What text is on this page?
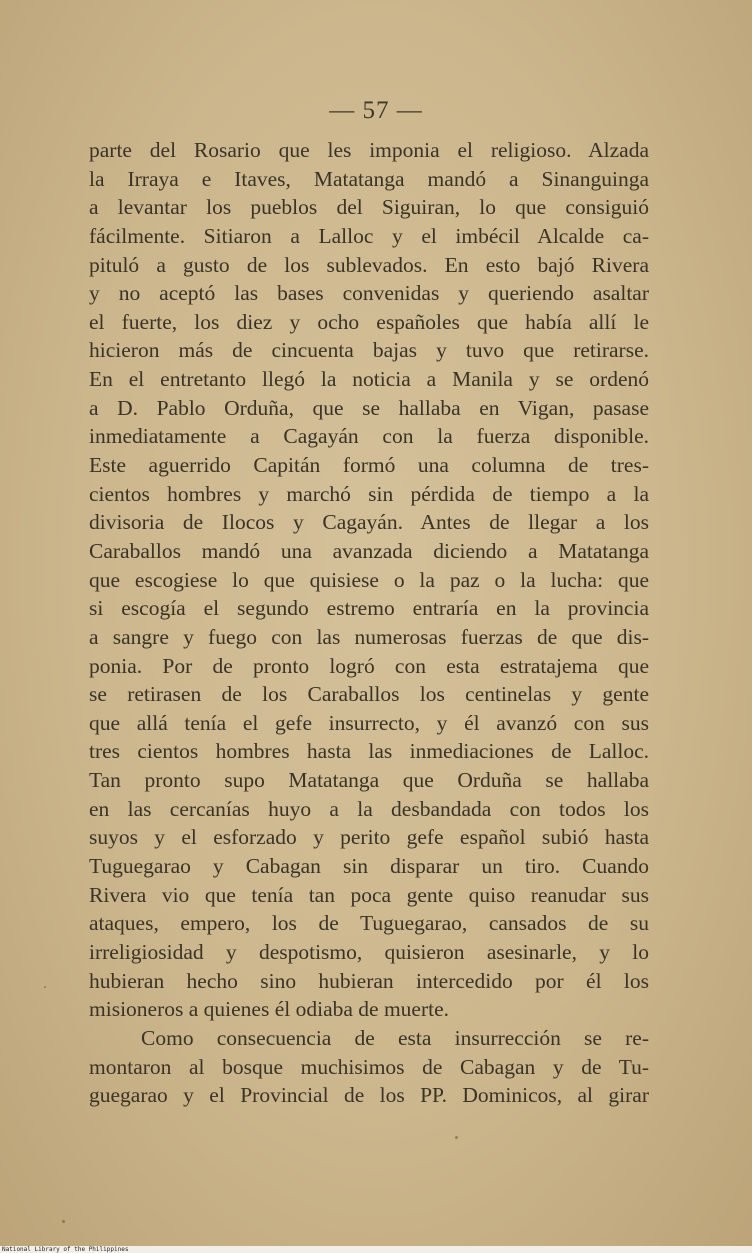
— 57 —
parte del Rosario que les imponia el religioso. Alzada
la Irraya e Itaves, Matatanga mandó a Sinanguinga
a levantar los pueblos del Siguiran, lo que consiguió
fácilmente. Sitiaron a Lalloc y el imbécil Alcalde ca-
pituló a gusto de los sublevados. En esto bajó Rivera
y no aceptó las bases convenidas y queriendo asaltar
el fuerte, los diez y ocho españoles que había allí le
hicieron más de cincuenta bajas y tuvo que retirarse.
En el entretanto llegó la noticia a Manila y se ordenó
a D. Pablo Orduña, que se hallaba en Vigan, pasase
inmediatamente a Cagayán con la fuerza disponible.
Este aguerrido Capitán formó una columna de tres-
cientos hombres y marchó sin pérdida de tiempo a la
divisoria de Ilocos y Cagayán. Antes de llegar a los
Caraballos mandó una avanzada diciendo a Matatanga
que escogiese lo que quisiese o la paz o la lucha: que
si escogía el segundo estremo entraría en la provincia
a sangre y fuego con las numerosas fuerzas de que dis-
ponia. Por de pronto logró con esta estratajema que
se retirasen de los Caraballos los centinelas y gente
que allá tenía el gefe insurrecto, y él avanzó con sus
tres cientos hombres hasta las inmediaciones de Lalloc.
Tan pronto supo Matatanga que Orduña se hallaba
en las cercanías huyo a la desbandada con todos los
suyos y el esforzado y perito gefe español subió hasta
Tuguegarao y Cabagan sin disparar un tiro. Cuando
Rivera vio que tenía tan poca gente quiso reanudar sus
ataques, empero, los de Tuguegarao, cansados de su
irreligiosidad y despotismo, quisieron asesinarle, y lo
hubieran hecho sino hubieran intercedido por él los
misioneros a quienes él odiaba de muerte.
Como consecuencia de esta insurrección se re-
montaron al bosque muchisimos de Cabagan y de Tu-
guegarao y el Provincial de los PP. Dominicos, al girar
National Library of the Philippines
